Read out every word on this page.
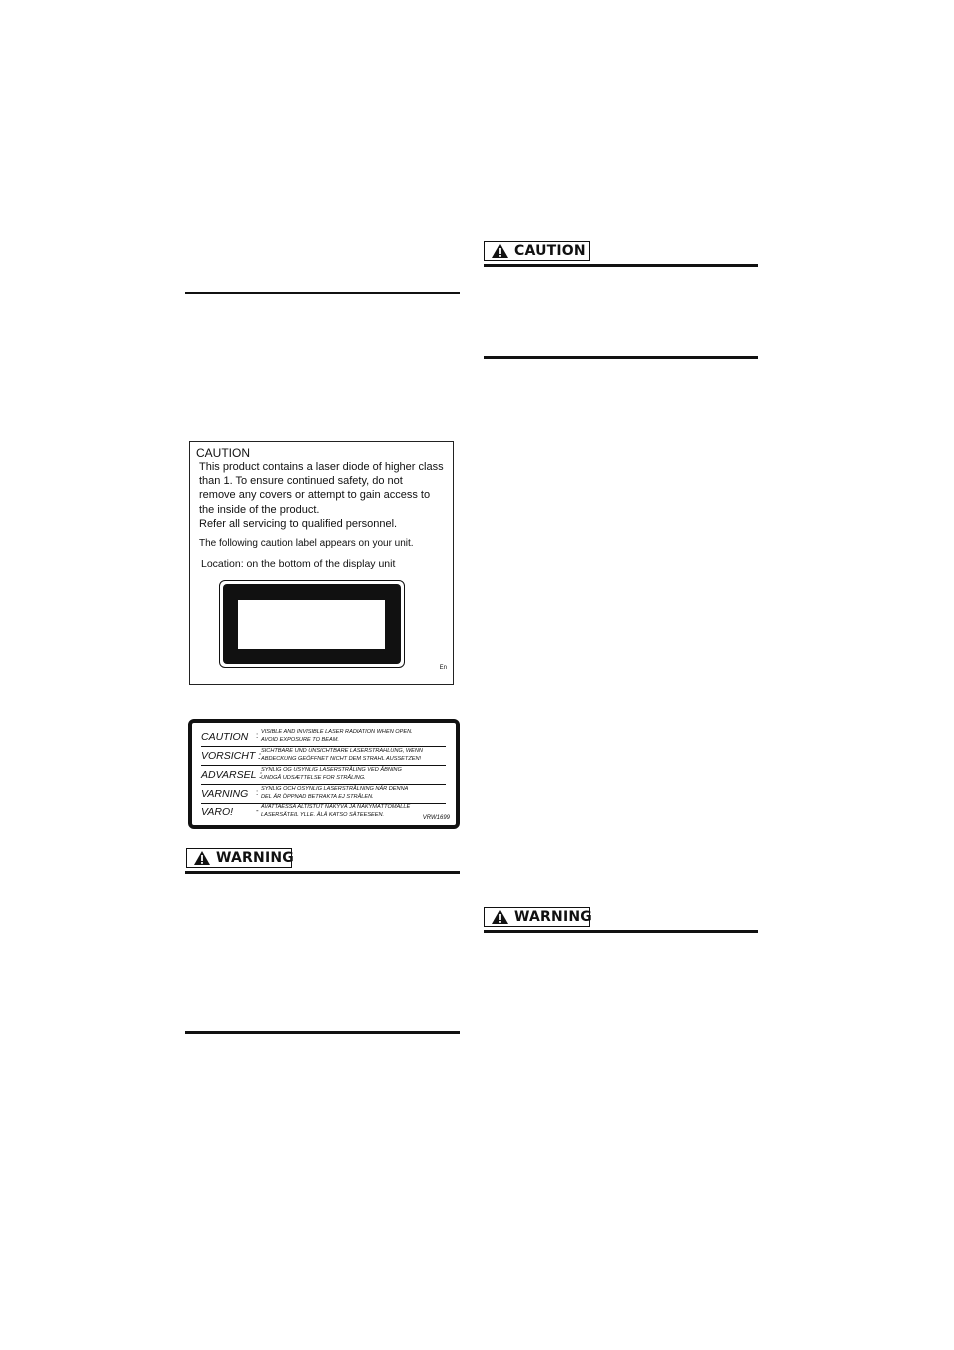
CAUTION
WARNING
WARNING
CAUTION
This product contains a laser diode of higher class
than 1. To ensure continued safety, do not
remove any covers or attempt to gain access to
the inside of the product.
Refer all servicing to qualified personnel.
The following caution label appears on your unit.
Location: on the bottom of the display unit
En
CAUTION : VISIBLE AND INVISIBLE LASER RADIATION WHEN OPEN.
AVOID EXPOSURE TO BEAM.
VORSICHT : SICHTBARE UND UNSICHTBARE LASERSTRAHLUNG, WENN
ABDECKUNG GEÖFFNET NICHT DEM STRAHL AUSSETZEN!
ADVARSEL :
SYNLIG OG USYNLIG LASERSTRÅLING VED ÅBNING
UNDGÅ UDSÆTTELSE FOR STRÅLING.
VARNING : SYNLIG OCH OSYNLIG LASERSTRÅLNING NÄR DENNA
DEL ÄR ÖPPNAD BETRAKTA EJ STRÅLEN.
VARO!	- AVATTAESSA ALTISTUT NÄKYVÄ JA NÄKYMÄTTÖMÄLLE
LASERSÄTEIL YLLE. ÄLÄ KATSO SÄTEESEEN.	VRW1699
